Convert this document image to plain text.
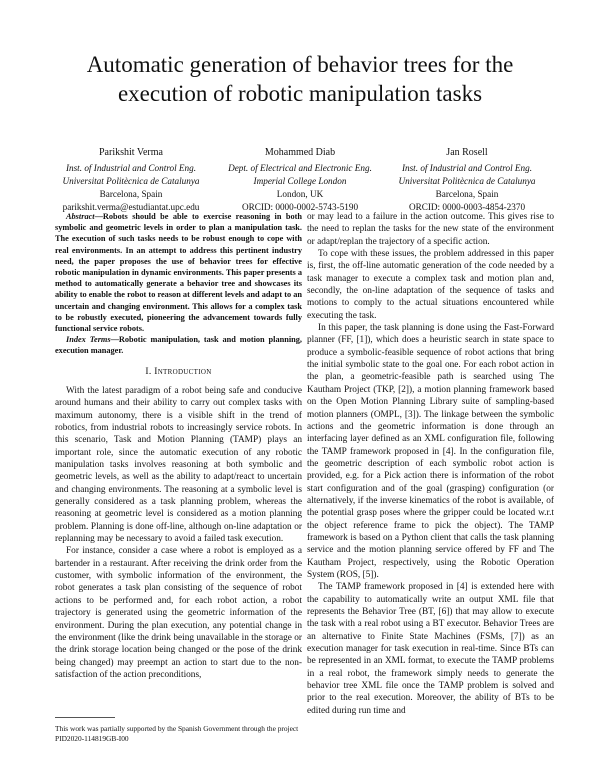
Automatic generation of behavior trees for the execution of robotic manipulation tasks
Parikshit Verma
Inst. of Industrial and Control Eng.
Universitat Politècnica de Catalunya
Barcelona, Spain
parikshit.verma@estudiantat.upc.edu
Mohammed Diab
Dept. of Electrical and Electronic Eng.
Imperial College London
London, UK
ORCID: 0000-0002-5743-5190
Jan Rosell
Inst. of Industrial and Control Eng.
Universitat Politècnica de Catalunya
Barcelona, Spain
ORCID: 0000-0003-4854-2370

Abstract—Robots should be able to exercise reasoning in both symbolic and geometric levels in order to plan a manipulation task. The execution of such tasks needs to be robust enough to cope with real environments. In an attempt to address this pertinent industry need, the paper proposes the use of behavior trees for effective robotic manipulation in dynamic environments. This paper presents a method to automatically generate a behavior tree and showcases its ability to enable the robot to reason at different levels and adapt to an uncertain and changing environment. This allows for a complex task to be robustly executed, pioneering the advancement towards fully functional service robots.

Index Terms—Robotic manipulation, task and motion planning, execution manager.

I. Introduction

With the latest paradigm of a robot being safe and conducive around humans and their ability to carry out complex tasks with maximum autonomy, there is a visible shift in the trend of robotics, from industrial robots to increasingly service robots. In this scenario, Task and Motion Planning (TAMP) plays an important role, since the automatic execution of any robotic manipulation tasks involves reasoning at both symbolic and geometric levels, as well as the ability to adapt/react to uncertain and changing environments. The reasoning at a symbolic level is generally considered as a task planning problem, whereas the reasoning at geometric level is considered as a motion planning problem. Planning is done off-line, although on-line adaptation or replanning may be necessary to avoid a failed task execution.

For instance, consider a case where a robot is employed as a bartender in a restaurant. After receiving the drink order from the customer, with symbolic information of the environment, the robot generates a task plan consisting of the sequence of robot actions to be performed and, for each robot action, a robot trajectory is generated using the geometric information of the environment. During the plan execution, any potential change in the environment (like the drink being unavailable in the storage or the drink storage location being changed or the pose of the drink being changed) may preempt an action to start due to the non-satisfaction of the action preconditions,

or may lead to a failure in the action outcome. This gives rise to the need to replan the tasks for the new state of the environment or adapt/replan the trajectory of a specific action.

To cope with these issues, the problem addressed in this paper is, first, the off-line automatic generation of the code needed by a task manager to execute a complex task and motion plan and, secondly, the on-line adaptation of the sequence of tasks and motions to comply to the actual situations encountered while executing the task.

In this paper, the task planning is done using the Fast-Forward planner (FF, [1]), which does a heuristic search in state space to produce a symbolic-feasible sequence of robot actions that bring the initial symbolic state to the goal one. For each robot action in the plan, a geometric-feasible path is searched using The Kautham Project (TKP, [2]), a motion planning framework based on the Open Motion Planning Library suite of sampling-based motion planners (OMPL, [3]). The linkage between the symbolic actions and the geometric information is done through an interfacing layer defined as an XML configuration file, following the TAMP framework proposed in [4]. In the configuration file, the geometric description of each symbolic robot action is provided, e.g. for a Pick action there is information of the robot start configuration and of the goal (grasping) configuration (or alternatively, if the inverse kinematics of the robot is available, of the potential grasp poses where the gripper could be located w.r.t the object reference frame to pick the object). The TAMP framework is based on a Python client that calls the task planning service and the motion planning service offered by FF and The Kautham Project, respectively, using the Robotic Operation System (ROS, [5]).

The TAMP framework proposed in [4] is extended here with the capability to automatically write an output XML file that represents the Behavior Tree (BT, [6]) that may allow to execute the task with a real robot using a BT executor. Behavior Trees are an alternative to Finite State Machines (FSMs, [7]) as an execution manager for task execution in real-time. Since BTs can be represented in an XML format, to execute the TAMP problems in a real robot, the framework simply needs to generate the behavior tree XML file once the TAMP problem is solved and prior to the real execution. Moreover, the ability of BTs to be edited during run time and

This work was partially supported by the Spanish Government through the project PID2020-114819GB-I00
